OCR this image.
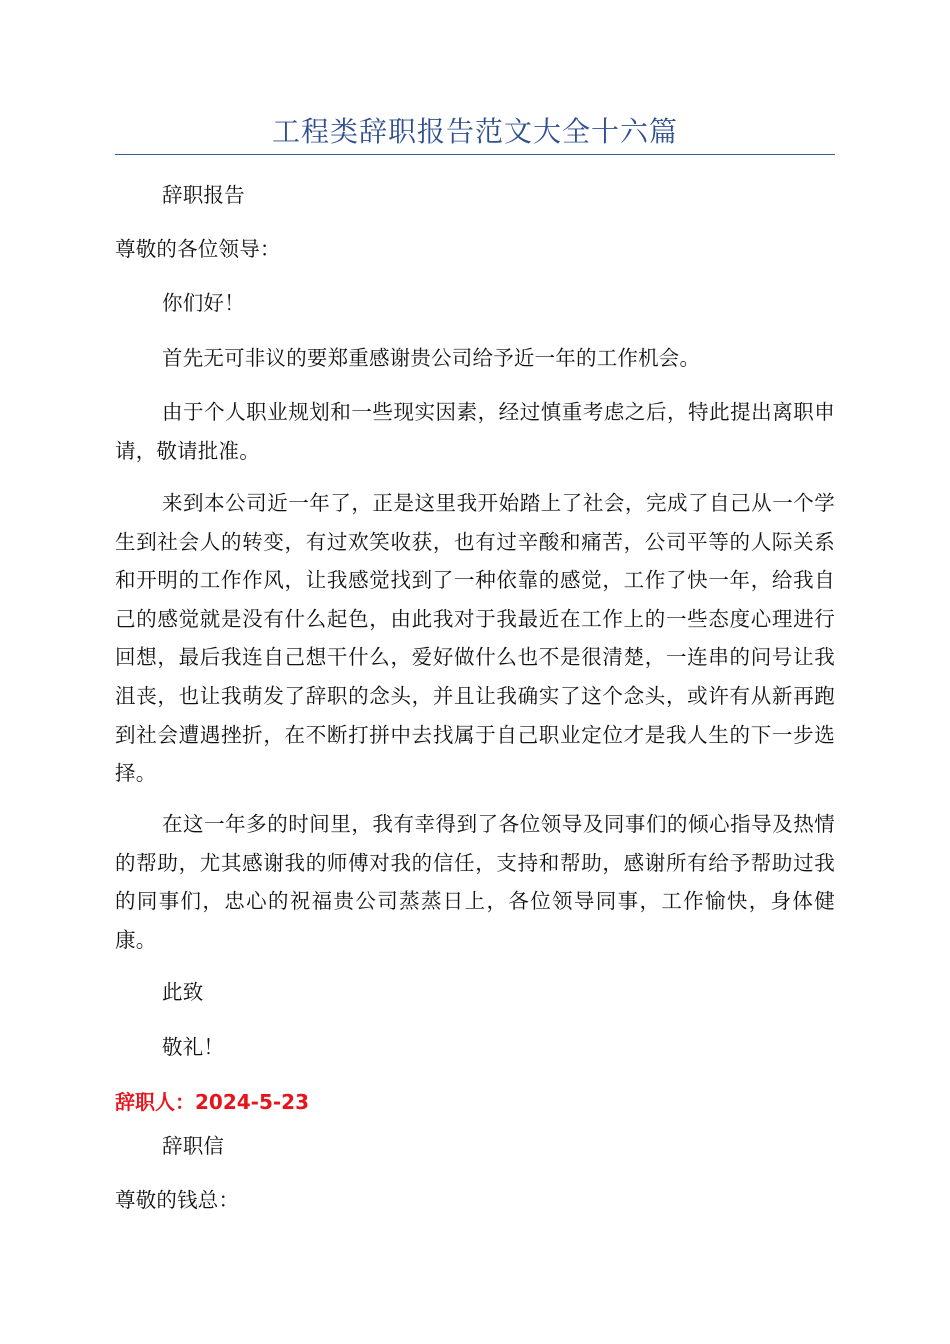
工程类辞职报告范文大全十六篇
辞职报告
尊敬的各位领导：
你们好！
首先无可非议的要郑重感谢贵公司给予近一年的工作机会。
由于个人职业规划和一些现实因素，经过慎重考虑之后，特此提出离职申请，敬请批准。
来到本公司近一年了，正是这里我开始踏上了社会，完成了自己从一个学生到社会人的转变，有过欢笑收获，也有过辛酸和痛苦，公司平等的人际关系和开明的工作作风，让我感觉找到了一种依靠的感觉，工作了快一年，给我自己的感觉就是没有什么起色，由此我对于我最近在工作上的一些态度心理进行回想，最后我连自己想干什么，爱好做什么也不是很清楚，一连串的问号让我沮丧，也让我萌发了辞职的念头，并且让我确实了这个念头，或许有从新再跑到社会遭遇挫折，在不断打拼中去找属于自己职业定位才是我人生的下一步选择。
在这一年多的时间里，我有幸得到了各位领导及同事们的倾心指导及热情的帮助，尤其感谢我的师傅对我的信任，支持和帮助，感谢所有给予帮助过我的同事们，忠心的祝福贵公司蒸蒸日上，各位领导同事，工作愉快，身体健康。
此致
敬礼！
辞职人：2024-5-23
辞职信
尊敬的钱总：
